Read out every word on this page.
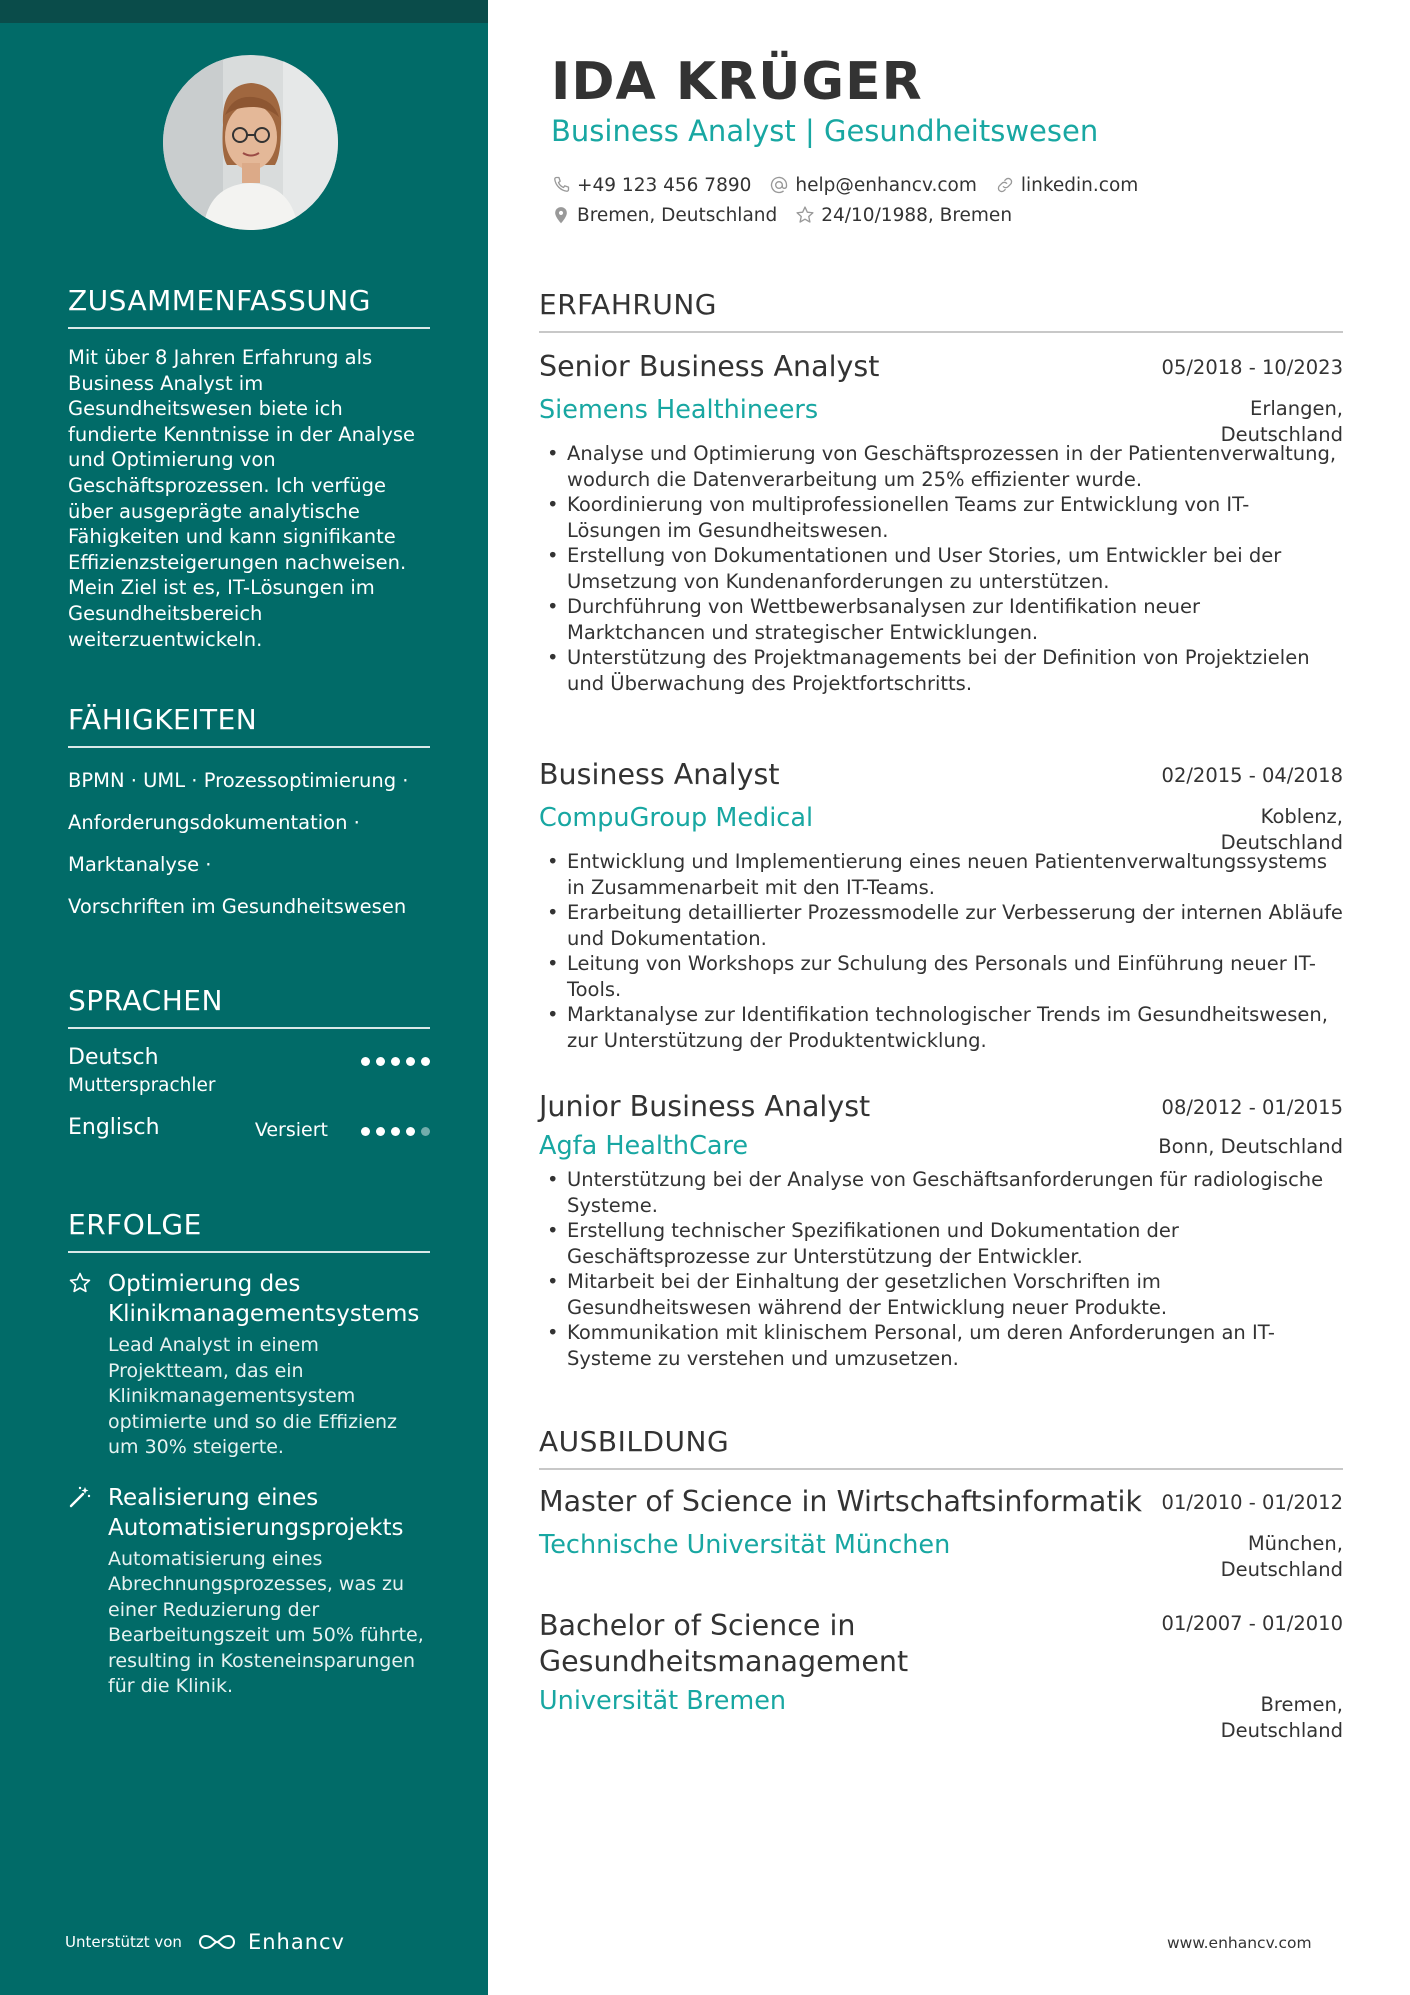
ZUSAMMENFASSUNG
Mit über 8 Jahren Erfahrung als Business Analyst im Gesundheitswesen biete ich fundierte Kenntnisse in der Analyse und Optimierung von Geschäftsprozessen. Ich verfüge über ausgeprägte analytische Fähigkeiten und kann signifikante Effizienzsteigerungen nachweisen. Mein Ziel ist es, IT-Lösungen im Gesundheitsbereich weiterzuentwickeln.
FÄHIGKEITEN
BPMN · UML · Prozessoptimierung ·
Anforderungsdokumentation ·
Marktanalyse ·
Vorschriften im Gesundheitswesen
SPRACHEN
Deutsch
Muttersprachler
Englisch	Versiert
ERFOLGE
Optimierung des Klinikmanagementsystems
Lead Analyst in einem Projektteam, das ein Klinikmanagementsystem optimierte und so die Effizienz um 30% steigerte.
Realisierung eines Automatisierungsprojekts
Automatisierung eines Abrechnungsprozesses, was zu einer Reduzierung der Bearbeitungszeit um 50% führte, resulting in Kosteneinsparungen für die Klinik.
Unterstützt von	Enhancv
IDA KRÜGER
Business Analyst | Gesundheitswesen
+49 123 456 7890 help@enhancv.com linkedin.com
Bremen, Deutschland 24/10/1988, Bremen
ERFAHRUNG
Senior Business Analyst	05/2018 - 10/2023
Siemens Healthineers	Erlangen,
Deutschland
• Analyse und Optimierung von Geschäftsprozessen in der Patientenverwaltung, wodurch die Datenverarbeitung um 25% effizienter wurde.
• Koordinierung von multiprofessionellen Teams zur Entwicklung von IT-Lösungen im Gesundheitswesen.
• Erstellung von Dokumentationen und User Stories, um Entwickler bei der Umsetzung von Kundenanforderungen zu unterstützen.
• Durchführung von Wettbewerbsanalysen zur Identifikation neuer Marktchancen und strategischer Entwicklungen.
• Unterstützung des Projektmanagements bei der Definition von Projektzielen und Überwachung des Projektfortschritts.
Business Analyst	02/2015 - 04/2018
CompuGroup Medical	Koblenz,
Deutschland
• Entwicklung und Implementierung eines neuen Patientenverwaltungssystems in Zusammenarbeit mit den IT-Teams.
• Erarbeitung detaillierter Prozessmodelle zur Verbesserung der internen Abläufe und Dokumentation.
• Leitung von Workshops zur Schulung des Personals und Einführung neuer IT-Tools.
• Marktanalyse zur Identifikation technologischer Trends im Gesundheitswesen, zur Unterstützung der Produktentwicklung.
Junior Business Analyst	08/2012 - 01/2015
Agfa HealthCare	Bonn, Deutschland
• Unterstützung bei der Analyse von Geschäftsanforderungen für radiologische Systeme.
• Erstellung technischer Spezifikationen und Dokumentation der Geschäftsprozesse zur Unterstützung der Entwickler.
• Mitarbeit bei der Einhaltung der gesetzlichen Vorschriften im Gesundheitswesen während der Entwicklung neuer Produkte.
• Kommunikation mit klinischem Personal, um deren Anforderungen an IT-Systeme zu verstehen und umzusetzen.
AUSBILDUNG
Master of Science in Wirtschaftsinformatik	01/2010 - 01/2012
Technische Universität München	München,
Deutschland
Bachelor of Science in
Gesundheitsmanagement
01/2007 - 01/2010
Universität Bremen	Bremen,
Deutschland
www.enhancv.com
